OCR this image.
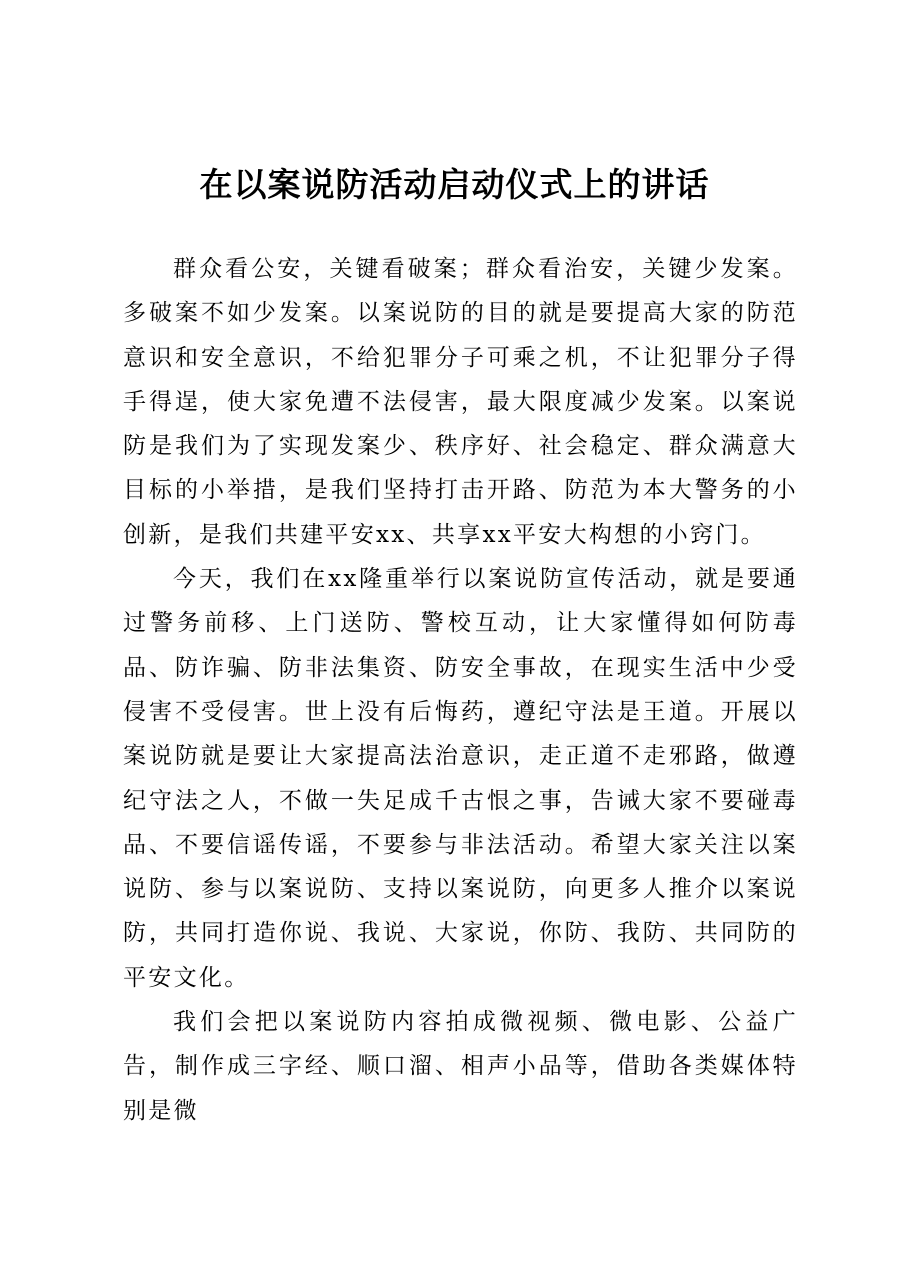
在以案说防活动启动仪式上的讲话

群众看公安，关键看破案；群众看治安，关键少发案。多破案不如少发案。以案说防的目的就是要提高大家的防范意识和安全意识，不给犯罪分子可乘之机，不让犯罪分子得手得逞，使大家免遭不法侵害，最大限度减少发案。以案说防是我们为了实现发案少、秩序好、社会稳定、群众满意大目标的小举措，是我们坚持打击开路、防范为本大警务的小创新，是我们共建平安xx、共享xx平安大构想的小窍门。

今天，我们在xx隆重举行以案说防宣传活动，就是要通过警务前移、上门送防、警校互动，让大家懂得如何防毒品、防诈骗、防非法集资、防安全事故，在现实生活中少受侵害不受侵害。世上没有后悔药，遵纪守法是王道。开展以案说防就是要让大家提高法治意识，走正道不走邪路，做遵纪守法之人，不做一失足成千古恨之事，告诫大家不要碰毒品、不要信谣传谣，不要参与非法活动。希望大家关注以案说防、参与以案说防、支持以案说防，向更多人推介以案说防，共同打造你说、我说、大家说，你防、我防、共同防的平安文化。

我们会把以案说防内容拍成微视频、微电影、公益广告，制作成三字经、顺口溜、相声小品等，借助各类媒体特别是微
